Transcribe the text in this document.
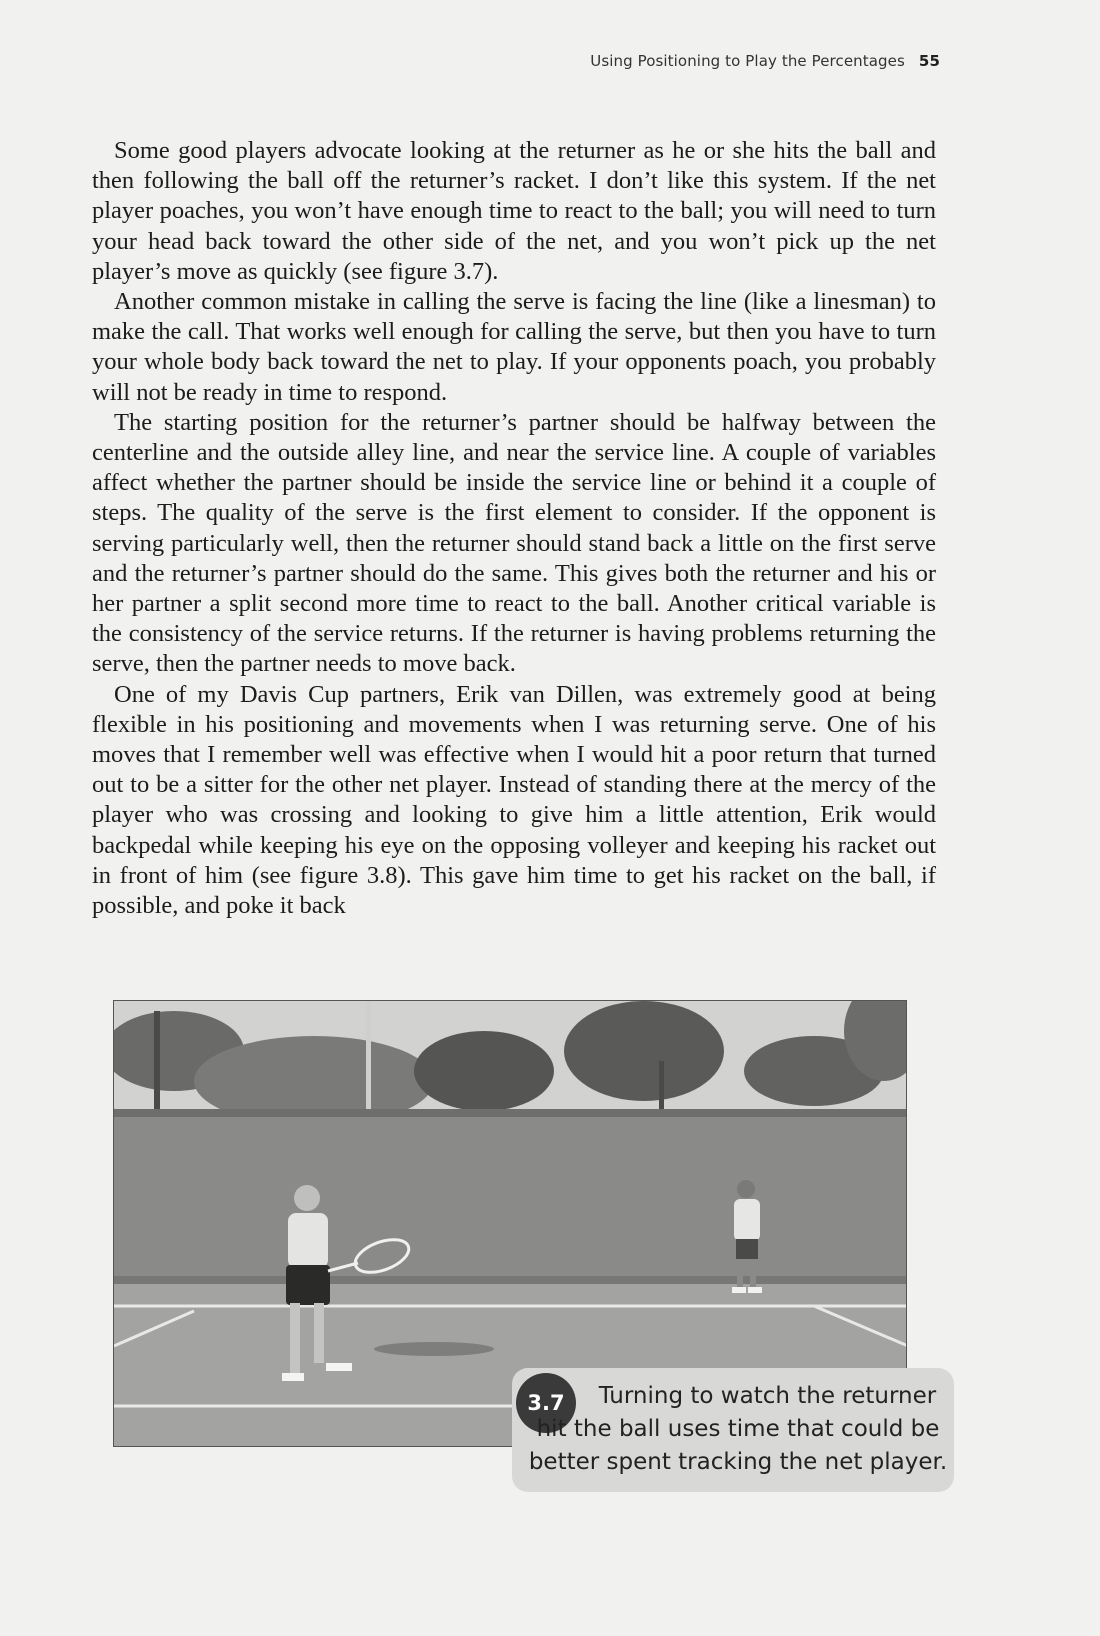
Using Positioning to Play the Percentages 55

Some good players advocate looking at the returner as he or she hits the ball and then following the ball off the returner’s racket. I don’t like this system. If the net player poaches, you won’t have enough time to react to the ball; you will need to turn your head back toward the other side of the net, and you won’t pick up the net player’s move as quickly (see figure 3.7).

Another common mistake in calling the serve is facing the line (like a linesman) to make the call. That works well enough for calling the serve, but then you have to turn your whole body back toward the net to play. If your opponents poach, you probably will not be ready in time to respond.

The starting position for the returner’s partner should be halfway between the centerline and the outside alley line, and near the service line. A couple of variables affect whether the partner should be inside the service line or behind it a couple of steps. The quality of the serve is the first element to consider. If the opponent is serving particularly well, then the returner should stand back a little on the first serve and the returner’s partner should do the same. This gives both the returner and his or her partner a split second more time to react to the ball. Another critical variable is the consistency of the service returns. If the returner is having problems returning the serve, then the partner needs to move back.

One of my Davis Cup partners, Erik van Dillen, was extremely good at being flexible in his positioning and movements when I was returning serve. One of his moves that I remember well was effective when I would hit a poor return that turned out to be a sitter for the other net player. Instead of standing there at the mercy of the player who was crossing and looking to give him a little attention, Erik would backpedal while keeping his eye on the opposing volleyer and keeping his racket out in front of him (see figure 3.8). This gave him time to get his racket on the ball, if possible, and poke it back

3.7	Turning to watch the returner hit the ball uses time that could be better spent tracking the net player.
